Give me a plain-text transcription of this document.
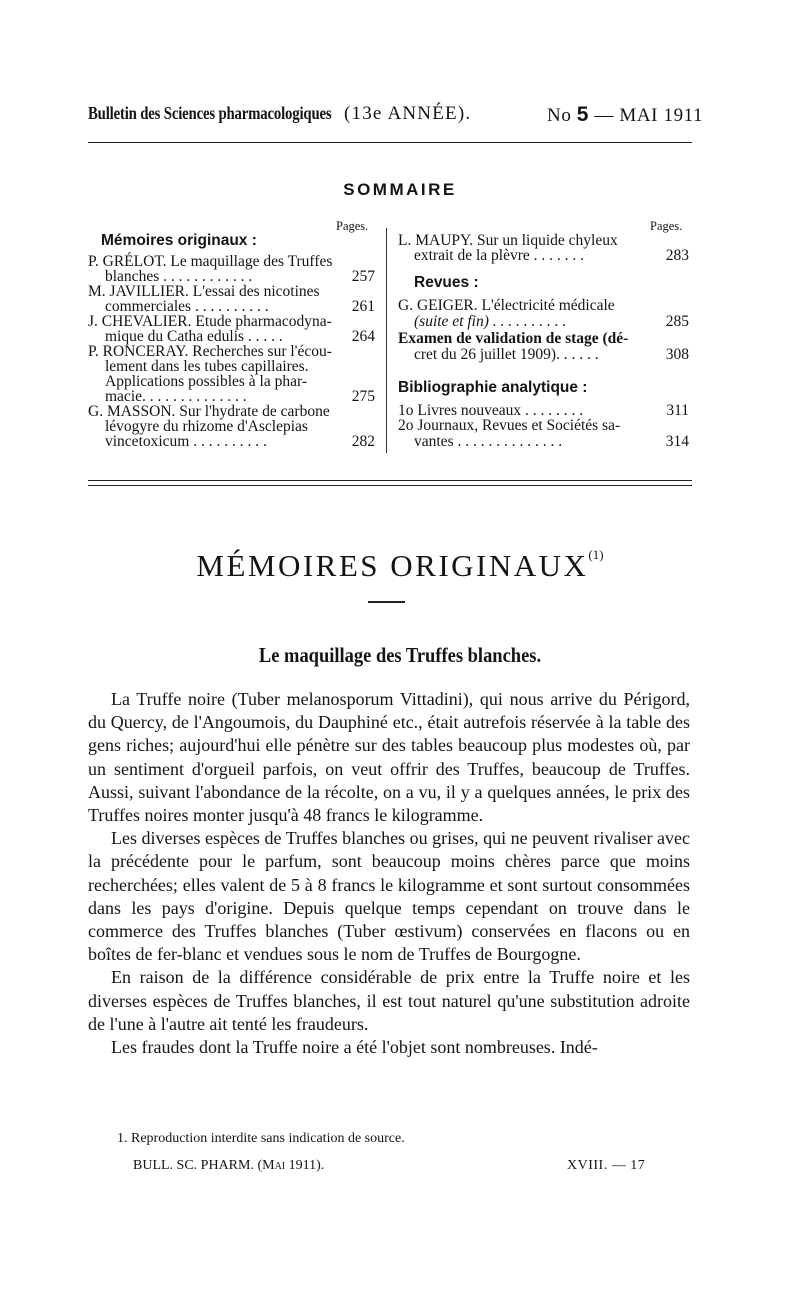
Bulletin des Sciences pharmacologiques (13e ANNÉE).	No 5 — MAI 1911
SOMMAIRE
Pages.
Mémoires originaux :
P. GRÉLOT. Le maquillage des Truffes
blanches . . . . . . . . . . . .	257
M. JAVILLIER. L'essai des nicotines
commerciales . . . . . . . . . .	261
J. CHEVALIER. Etude pharmacodyna-
mique du Catha edulis . . . . .	264
P. RONCERAY. Recherches sur l'écou-
lement dans les tubes capillaires.
Applications possibles à la phar-
macie. . . . . . . . . . . . . .	275
G. MASSON. Sur l'hydrate de carbone
lévogyre du rhizome d'Asclepias
vincetoxicum . . . . . . . . . .	282
Pages.
L. MAUPY. Sur un liquide chyleux
extrait de la plèvre . . . . . . .	283
Revues :
G. GEIGER. L'électricité médicale
(suite et fin) . . . . . . . . . .	285
Examen de validation de stage (dé-
cret du 26 juillet 1909). . . . . .	308
Bibliographie analytique :
1o Livres nouveaux . . . . . . . .	311
2o Journaux, Revues et Sociétés sa-
vantes . . . . . . . . . . . . . .	314
MÉMOIRES ORIGINAUX$^{(1)}$
Le maquillage des Truffes blanches.

La Truffe noire (Tuber melanosporum Vittadini), qui nous arrive du Périgord, du Quercy, de l'Angoumois, du Dauphiné etc., était autrefois réservée à la table des gens riches; aujourd'hui elle pénètre sur des tables beaucoup plus modestes où, par un sentiment d'orgueil parfois, on veut offrir des Truffes, beaucoup de Truffes. Aussi, suivant l'abondance de la récolte, on a vu, il y a quelques années, le prix des Truffes noires monter jusqu'à 48 francs le kilogramme.

Les diverses espèces de Truffes blanches ou grises, qui ne peuvent rivaliser avec la précédente pour le parfum, sont beaucoup moins chères parce que moins recherchées; elles valent de 5 à 8 francs le kilogramme et sont surtout consommées dans les pays d'origine. Depuis quelque temps cependant on trouve dans le commerce des Truffes blanches (Tuber œstivum) conservées en flacons ou en boîtes de fer-blanc et vendues sous le nom de Truffes de Bourgogne.

En raison de la différence considérable de prix entre la Truffe noire et les diverses espèces de Truffes blanches, il est tout naturel qu'une substitution adroite de l'une à l'autre ait tenté les fraudeurs.

Les fraudes dont la Truffe noire a été l'objet sont nombreuses. Indé-

1. Reproduction interdite sans indication de source.
BULL. SC. PHARM. (Mai 1911).	XVIII. — 17
